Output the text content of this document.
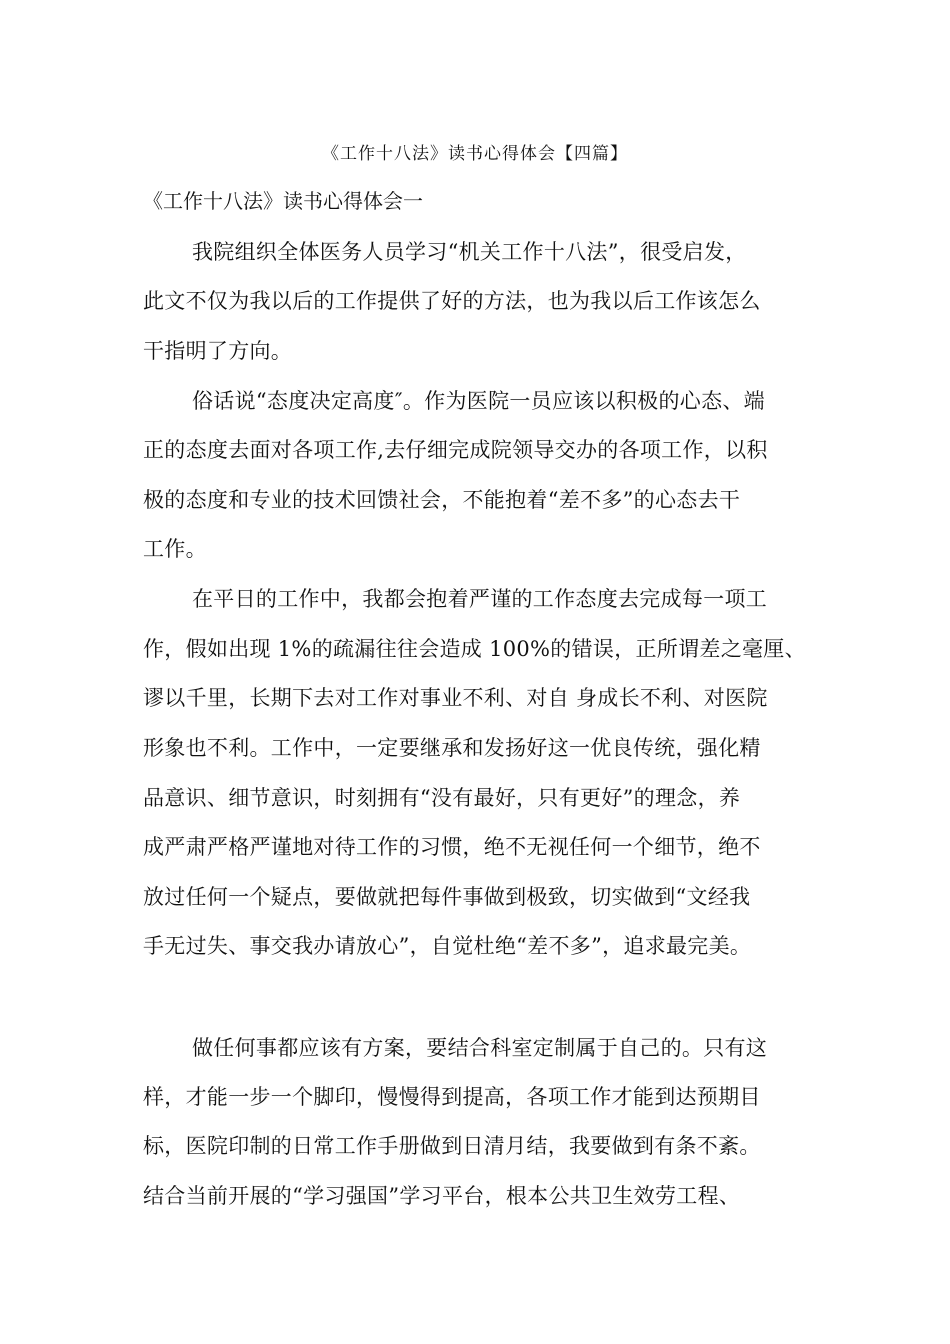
《工作十八法》读书心得体会【四篇】

《工作十八法》读书心得体会一

我院组织全体医务人员学习“机关工作十八法”，很受启发，

此文不仅为我以后的工作提供了好的方法，也为我以后工作该怎么

干指明了方向。

俗话说“态度决定高度″。作为医院一员应该以积极的心态、端

正的态度去面对各项工作,去仔细完成院领导交办的各项工作，以积

极的态度和专业的技术回馈社会，不能抱着“差不多”的心态去干

工作。

在平日的工作中，我都会抱着严谨的工作态度去完成每一项工

作，假如出现 1%的疏漏往往会造成 100%的错误，正所谓差之毫厘、

谬以千里，长期下去对工作对事业不利、对自 身成长不利、对医院

形象也不利。工作中，一定要继承和发扬好这一优良传统，强化精

品意识、细节意识，时刻拥有“没有最好，只有更好”的理念，养

成严肃严格严谨地对待工作的习惯，绝不无视任何一个细节，绝不

放过任何一个疑点，要做就把每件事做到极致，切实做到“文经我

手无过失、事交我办请放心”，自觉杜绝“差不多”，追求最完美。

做任何事都应该有方案，要结合科室定制属于自己的。只有这

样，才能一步一个脚印，慢慢得到提高，各项工作才能到达预期目

标，医院印制的日常工作手册做到日清月结，我要做到有条不紊。

结合当前开展的“学习强国”学习平台，根本公共卫生效劳工程、
